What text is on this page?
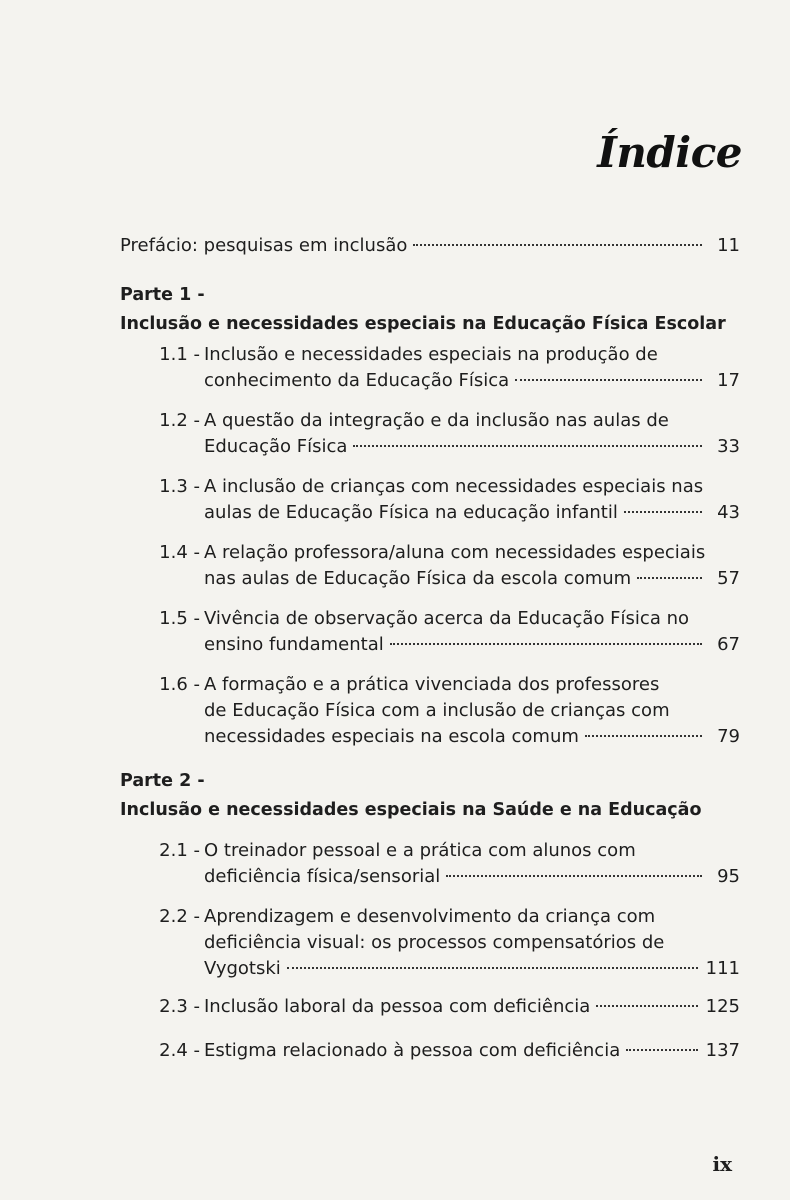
Índice
Prefácio: pesquisas em inclusão	11
Parte 1 -
Inclusão e necessidades especiais na Educação Física Escolar
1.1 - Inclusão e necessidades especiais na produção de
conhecimento da Educação Física	17
1.2 - A questão da integração e da inclusão nas aulas de
Educação Física	33
1.3 - A inclusão de crianças com necessidades especiais nas
aulas de Educação Física na educação infantil	43
1.4 - A relação professora/aluna com necessidades especiais
nas aulas de Educação Física da escola comum	57
1.5 - Vivência de observação acerca da Educação Física no
ensino fundamental	67
1.6 - A formação e a prática vivenciada dos professores
de Educação Física com a inclusão de crianças com
necessidades especiais na escola comum	79
Parte 2 -
Inclusão e necessidades especiais na Saúde e na Educação
2.1 - O treinador pessoal e a prática com alunos com
deficiência física/sensorial	95
2.2 - Aprendizagem e desenvolvimento da criança com
deficiência visual: os processos compensatórios de
Vygotski	111
2.3 - Inclusão laboral da pessoa com deficiência	125
2.4 - Estigma relacionado à pessoa com deficiência	137
ix
